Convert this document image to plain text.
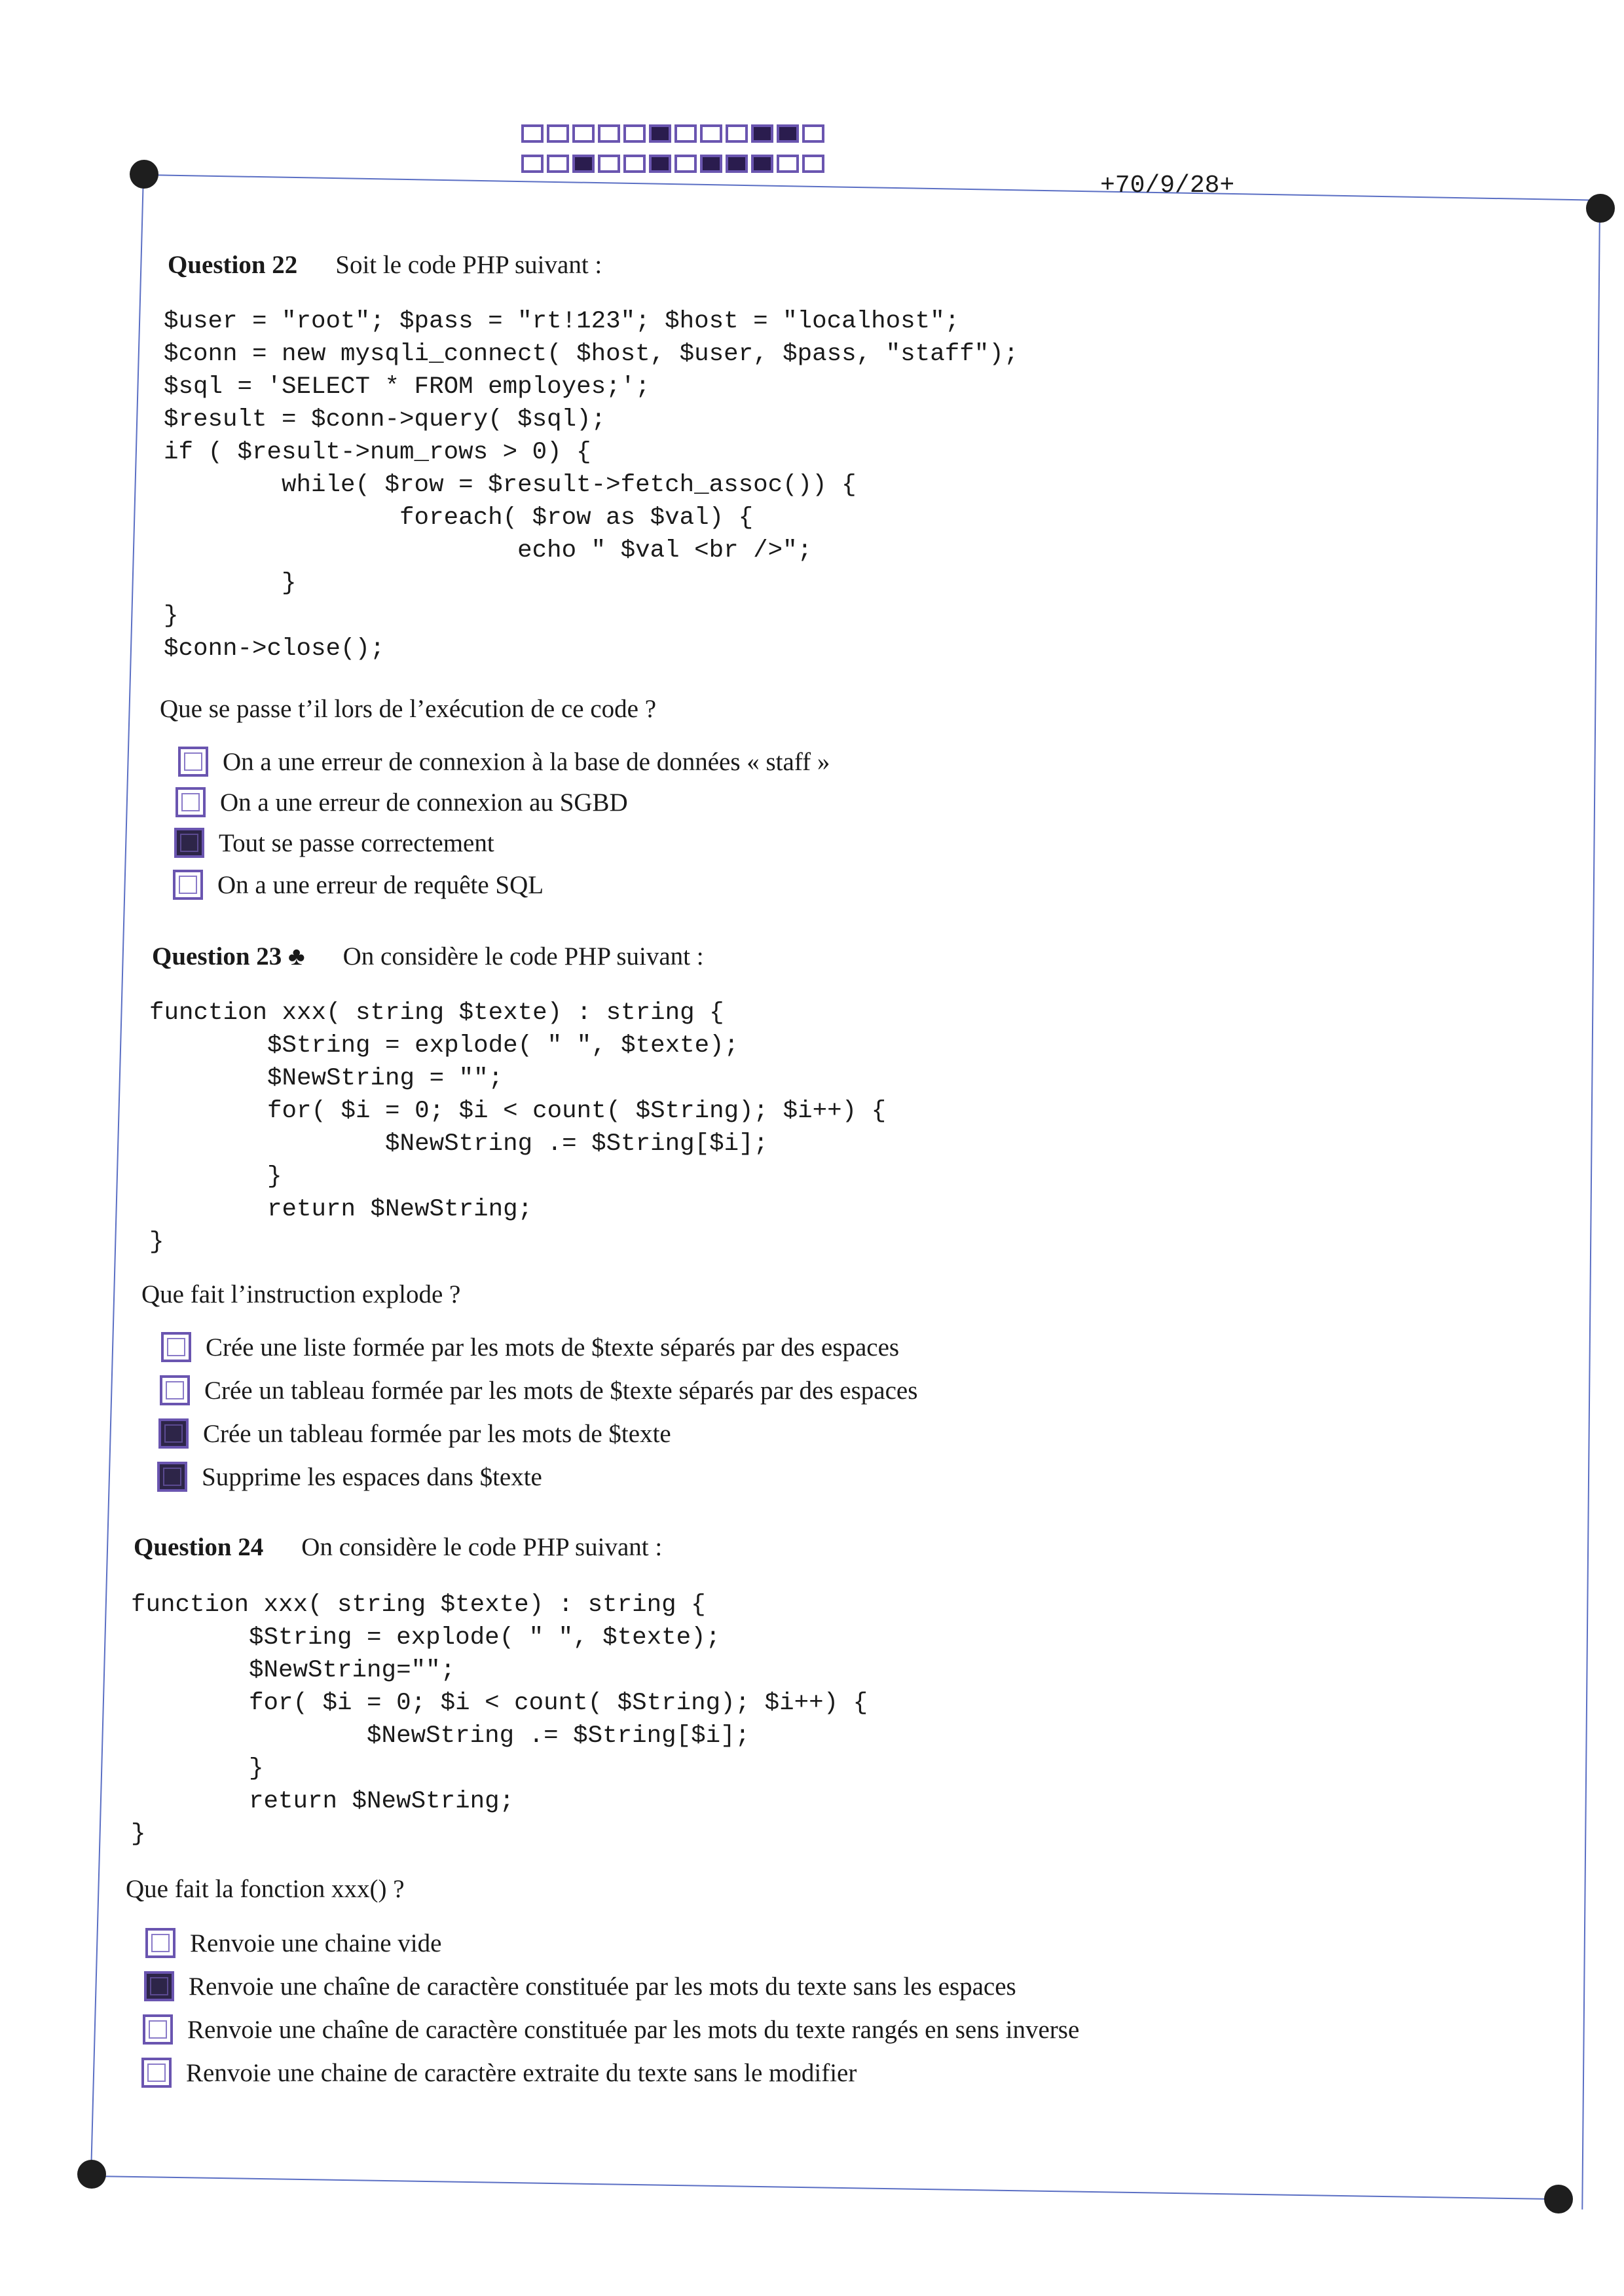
+70/9/28+
Question 22 Soit le code PHP suivant :
$user = "root"; $pass = "rt!123"; $host = "localhost";
$conn = new mysqli_connect( $host, $user, $pass, "staff");
$sql = 'SELECT * FROM employes;';
$result = $conn->query( $sql);
if ( $result->num_rows > 0) {
while( $row = $result->fetch_assoc()) {
foreach( $row as $val) {
echo " $val <br />";
}
}
$conn->close();
Que se passe t’il lors de l’exécution de ce code ?
On a une erreur de connexion à la base de données « staff »
On a une erreur de connexion au SGBD
Tout se passe correctement
On a une erreur de requête SQL
Question 23 ♣ On considère le code PHP suivant :
function xxx( string $texte) : string {
$String = explode( " ", $texte);
$NewString = "";
for( $i = 0; $i < count( $String); $i++) {
$NewString .= $String[$i];
}
return $NewString;
}
Que fait l’instruction explode ?
Crée une liste formée par les mots de $texte séparés par des espaces
Crée un tableau formée par les mots de $texte séparés par des espaces
Crée un tableau formée par les mots de $texte
Supprime les espaces dans $texte
Question 24 On considère le code PHP suivant :
function xxx( string $texte) : string {
$String = explode( " ", $texte);
$NewString="";
for( $i = 0; $i < count( $String); $i++) {
$NewString .= $String[$i];
}
return $NewString;
}
Que fait la fonction xxx() ?
Renvoie une chaine vide
Renvoie une chaîne de caractère constituée par les mots du texte sans les espaces
Renvoie une chaîne de caractère constituée par les mots du texte rangés en sens inverse
Renvoie une chaine de caractère extraite du texte sans le modifier
